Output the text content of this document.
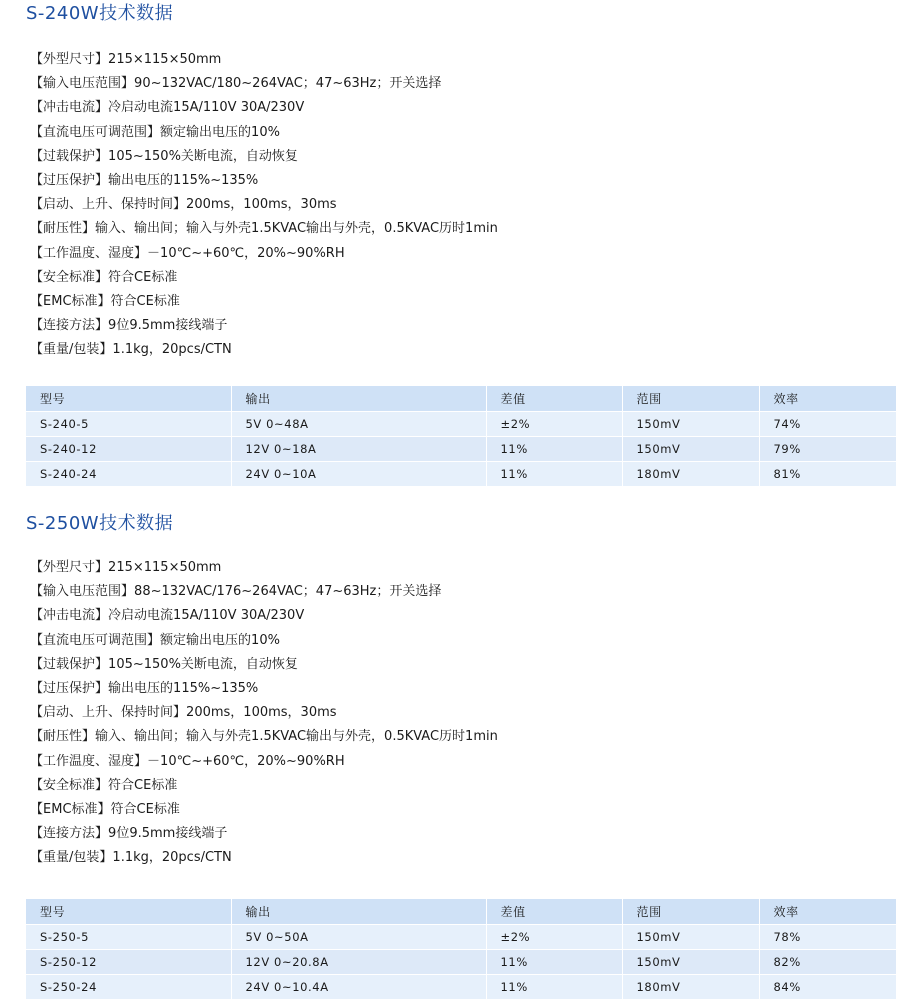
S-240W技术数据
【 外型尺寸 】 215×115×50mm
【 输入电压范围 】 90~132VAC/180~264VAC；47~63Hz；开关选择
【 冲击电流 】 冷启动电流15A/110V 30A/230V
【 直流电压可调范围 】 额定输出电压的10%
【 过载保护 】 105~150%关断电流，自动恢复
【 过压保护 】 输出电压的115%~135%
【 启动、上升、保持时间 】 200ms，100ms，30ms
【 耐压性 】 输入、输出间；输入与外壳1.5KVAC输出与外壳，0.5KVAC历时1min
【 工作温度、湿度 】 －10℃~+60℃，20%~90%RH
【 安全标准 】 符合CE标准
【 EMC标准 】 符合CE标准
【 连接方法 】 9位9.5mm接线端子
【 重量/包装 】 1.1kg，20pcs/CTN
型号	输出	差值	范围	效率
S-240-5	5V 0~48A	±2%	150mV	74%
S-240-12	12V 0~18A	11%	150mV	79%
S-240-24	24V 0~10A	11%	180mV	81%
S-250W技术数据
【 外型尺寸 】 215×115×50mm
【 输入电压范围 】 88~132VAC/176~264VAC；47~63Hz；开关选择
【 冲击电流 】 冷启动电流15A/110V 30A/230V
【 直流电压可调范围 】 额定输出电压的10%
【 过载保护 】 105~150%关断电流，自动恢复
【 过压保护 】 输出电压的115%~135%
【 启动、上升、保持时间 】 200ms，100ms，30ms
【 耐压性 】 输入、输出间；输入与外壳1.5KVAC输出与外壳，0.5KVAC历时1min
【 工作温度、湿度 】 －10℃~+60℃，20%~90%RH
【 安全标准 】 符合CE标准
【 EMC标准 】 符合CE标准
【 连接方法 】 9位9.5mm接线端子
【 重量/包装 】 1.1kg，20pcs/CTN
型号	输出	差值	范围	效率
S-250-5	5V 0~50A	±2%	150mV	78%
S-250-12	12V 0~20.8A	11%	150mV	82%
S-250-24	24V 0~10.4A	11%	180mV	84%
